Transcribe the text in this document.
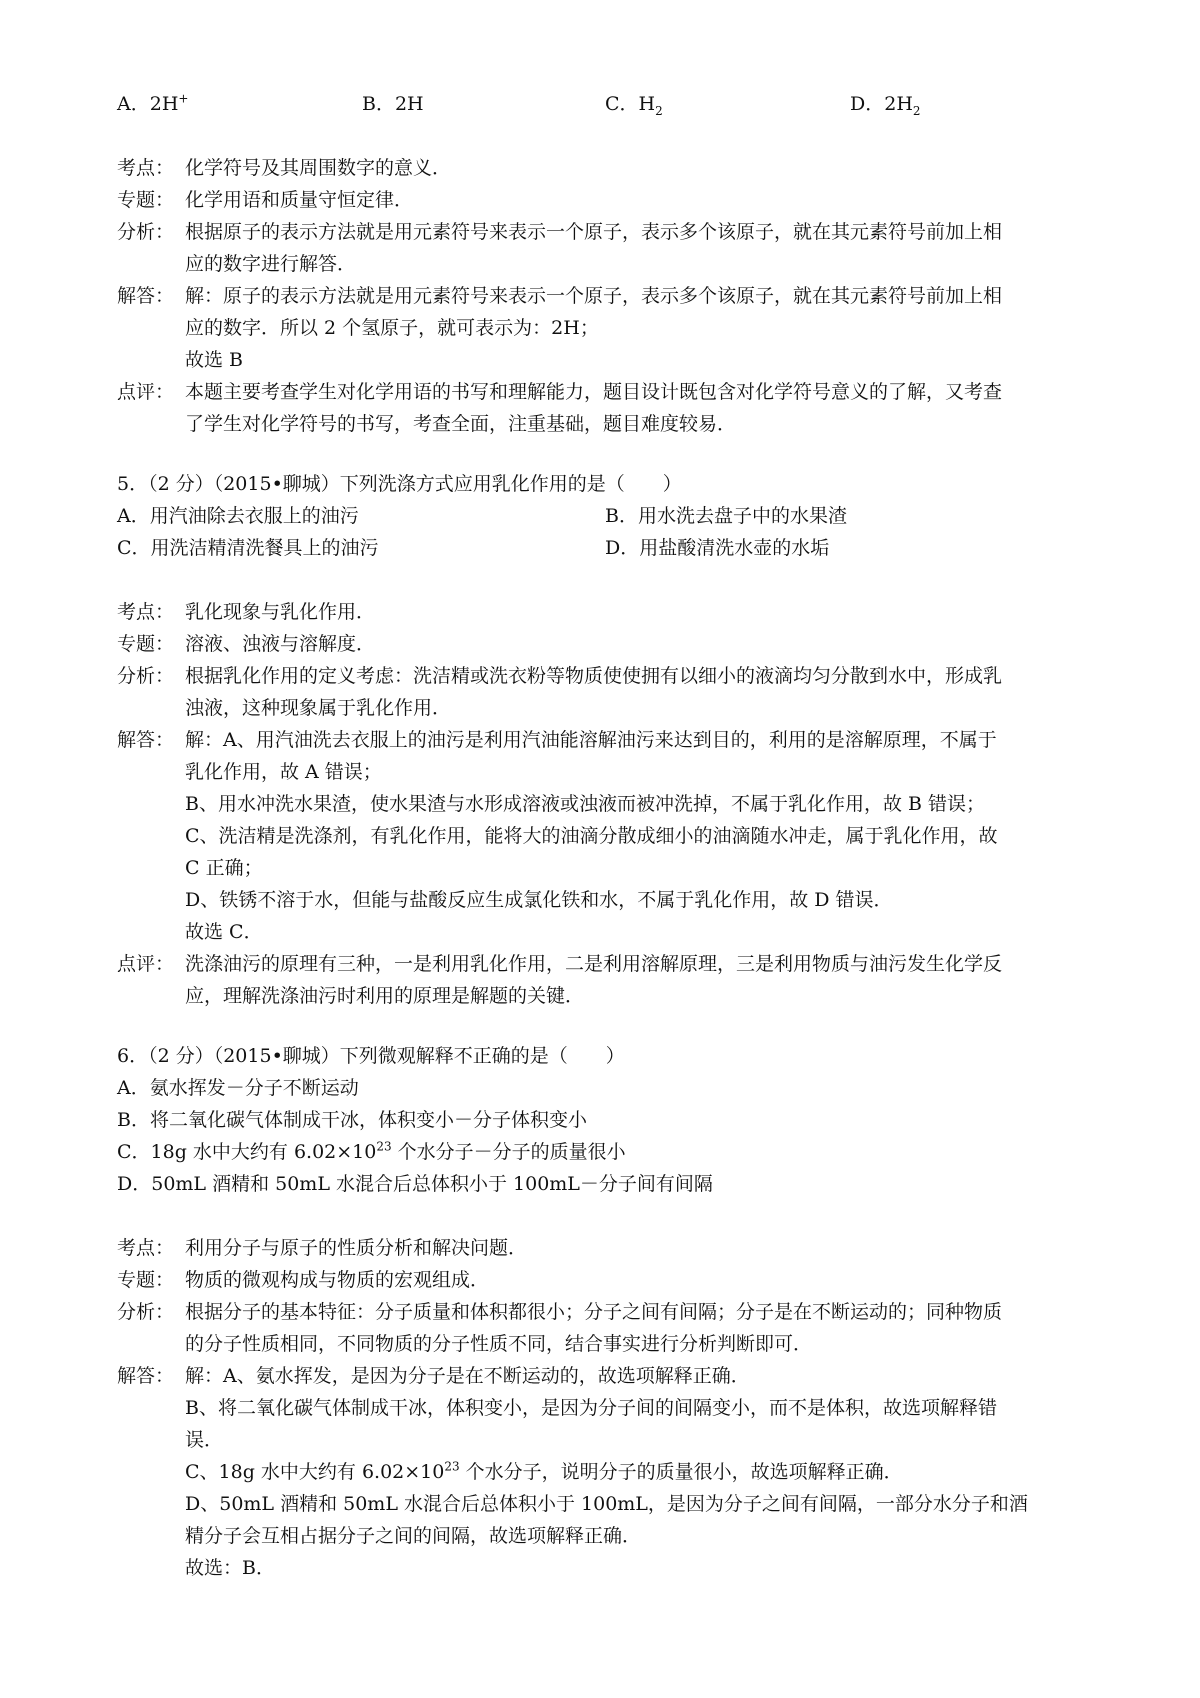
A．2H+	B．2H	C．$H_2$	D．$2H_2$
考点： 化学符号及其周围数字的意义．
专题： 化学用语和质量守恒定律．
分析： 根据原子的表示方法就是用元素符号来表示一个原子，表示多个该原子，就在其元素符号前加上相
应的数字进行解答．
解答： 解：原子的表示方法就是用元素符号来表示一个原子，表示多个该原子，就在其元素符号前加上相
应的数字．所以 2 个氢原子，就可表示为：2H；
故选 B
点评： 本题主要考查学生对化学用语的书写和理解能力，题目设计既包含对化学符号意义的了解，又考查
了学生对化学符号的书写，考查全面，注重基础，题目难度较易．
5．（2 分）（2015•聊城）下列洗涤方式应用乳化作用的是（　　）
A．用汽油除去衣服上的油污	B．用水洗去盘子中的水果渣
C．用洗洁精清洗餐具上的油污	D．用盐酸清洗水壶的水垢
考点： 乳化现象与乳化作用．
专题： 溶液、浊液与溶解度．
分析： 根据乳化作用的定义考虑：洗洁精或洗衣粉等物质使使拥有以细小的液滴均匀分散到水中，形成乳
浊液，这种现象属于乳化作用．
解答： 解：A、用汽油洗去衣服上的油污是利用汽油能溶解油污来达到目的，利用的是溶解原理，不属于
乳化作用，故 A 错误；
B、用水冲洗水果渣，使水果渣与水形成溶液或浊液而被冲洗掉，不属于乳化作用，故 B 错误；
C、洗洁精是洗涤剂，有乳化作用，能将大的油滴分散成细小的油滴随水冲走，属于乳化作用，故
C 正确；
D、铁锈不溶于水，但能与盐酸反应生成氯化铁和水，不属于乳化作用，故 D 错误．
故选 C．
点评： 洗涤油污的原理有三种，一是利用乳化作用，二是利用溶解原理，三是利用物质与油污发生化学反
应，理解洗涤油污时利用的原理是解题的关键．
6．（2 分）（2015•聊城）下列微观解释不正确的是（　　）
A．氨水挥发－分子不断运动
B．将二氧化碳气体制成干冰，体积变小－分子体积变小
C．18g 水中大约有 $6.02\times 10^{23}$ 个水分子－分子的质量很小
D．50mL 酒精和 50mL 水混合后总体积小于 100mL－分子间有间隔
考点： 利用分子与原子的性质分析和解决问题．
专题： 物质的微观构成与物质的宏观组成．
分析： 根据分子的基本特征：分子质量和体积都很小；分子之间有间隔；分子是在不断运动的；同种物质
的分子性质相同，不同物质的分子性质不同，结合事实进行分析判断即可．
解答： 解：A、氨水挥发，是因为分子是在不断运动的，故选项解释正确．
B、将二氧化碳气体制成干冰，体积变小，是因为分子间的间隔变小，而不是体积，故选项解释错
误．
C、18g 水中大约有 $6.02\times 10^{23}$ 个水分子，说明分子的质量很小，故选项解释正确．
D、50mL 酒精和 50mL 水混合后总体积小于 100mL，是因为分子之间有间隔，一部分水分子和酒
精分子会互相占据分子之间的间隔，故选项解释正确．
故选：B．
